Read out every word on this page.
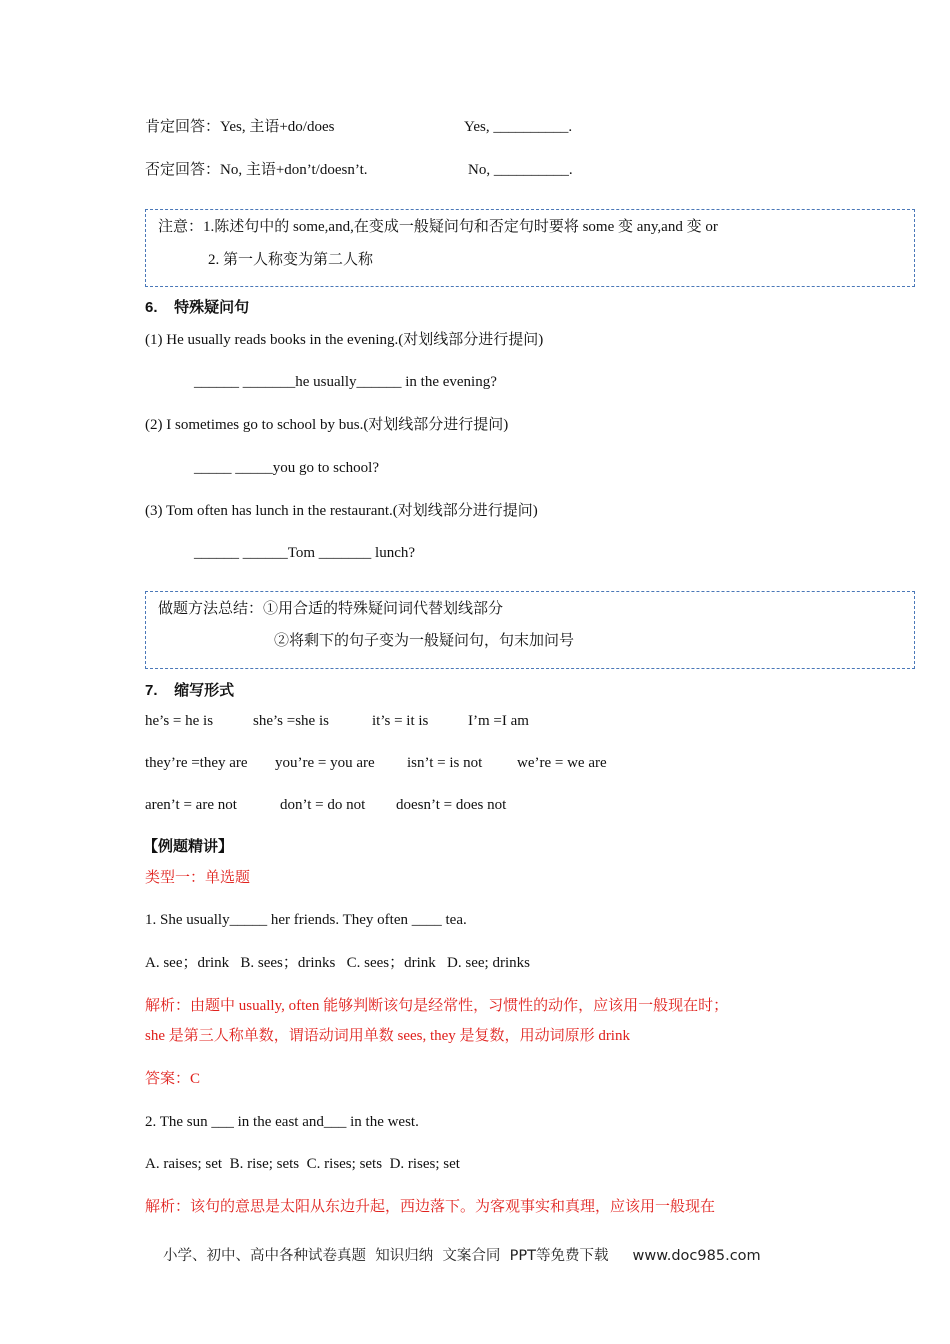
肯定回答：Yes, 主语+do/does	Yes, __________.
否定回答：No, 主语+don’t/doesn’t.	No, __________.
注意：1.陈述句中的 some,and,在变成一般疑问句和否定句时要将 some 变 any,and 变 or
2. 第一人称变为第二人称
6.    特殊疑问句
(1) He usually reads books in the evening.(对划线部分进行提问)
______ _______he usually______ in the evening?
(2) I sometimes go to school by bus.(对划线部分进行提问)
_____ _____you go to school?
(3) Tom often has lunch in the restaurant.(对划线部分进行提问)
______ ______Tom _______ lunch?
做题方法总结：①用合适的特殊疑问词代替划线部分
②将剩下的句子变为一般疑问句，句末加问号
7.    缩写形式
he’s = he is	she’s =she is	it’s = it is	I’m =I am
they’re =they are you’re = you are isn’t = is not we’re = we are
aren’t = are not	don’t = do not doesn’t = does not
【例题精讲】
类型一：单选题
1. She usually_____ her friends. They often ____ tea.
A. see；drink   B. sees；drinks   C. sees；drink   D. see; drinks
解析：由题中 usually, often 能够判断该句是经常性，习惯性的动作，应该用一般现在时；
she 是第三人称单数，谓语动词用单数 sees, they 是复数，用动词原形 drink
答案：C
2. The sun ___ in the east and___ in the west.
A. raises; set  B. rise; sets  C. rises; sets  D. rises; set
解析：该句的意思是太阳从东边升起，西边落下。为客观事实和真理，应该用一般现在
小学、初中、高中各种试卷真题  知识归纳  文案合同  PPT等免费下载 www.doc985.com
